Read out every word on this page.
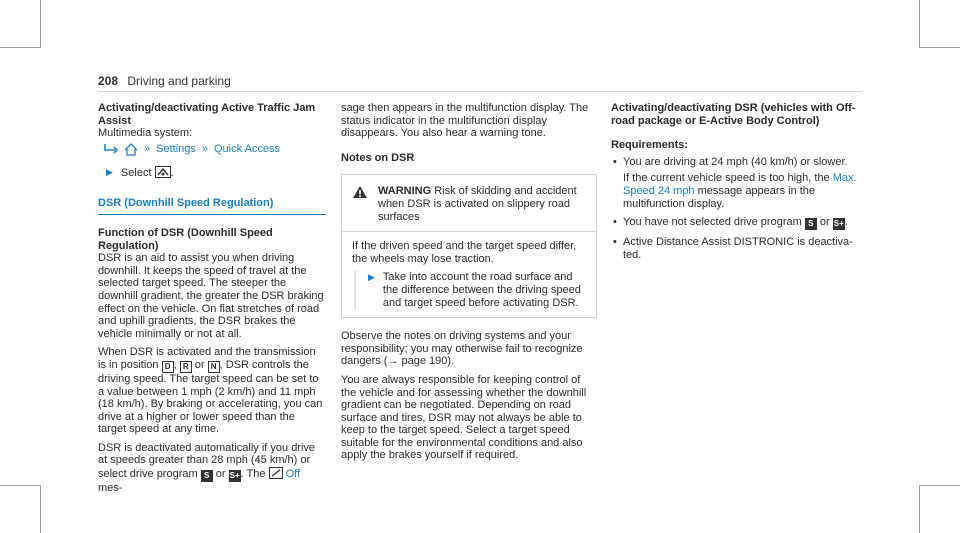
208 Driving and parking
Activating/deactivating Active Traffic Jam Assist
Multimedia system:
» Settings » Quick Access
▶ Select .
DSR (Downhill Speed Regulation)
Function of DSR (Downhill Speed Regulation)

DSR is an aid to assist you when driving downhill. It keeps the speed of travel at the selected target speed. The steeper the downhill gradient, the greater the DSR braking effect on the vehicle. On flat stretches of road and uphill gradients, the DSR brakes the vehicle minimally or not at all.

When DSR is activated and the transmission is in position D , R or N , DSR controls the driving speed. The target speed can be set to a value between 1 mph (2 km/h) and 11 mph (18 km/h). By braking or accelerating, you can drive at a higher or lower speed than the target speed at any time.

DSR is deactivated automatically if you drive at speeds greater than 28 mph (45 km/h) or select drive program S or S+. The Off mes-

sage then appears in the multifunction display. The status indicator in the multifunction display disappears. You also hear a warning tone.

Notes on DSR
WARNING Risk of skidding and accident when DSR is activated on slippery road surfaces

If the driven speed and the target speed differ, the wheels may lose traction.

▶ Take into account the road surface and the difference between the driving speed and target speed before activating DSR.

Observe the notes on driving systems and your responsibility; you may otherwise fail to recognize dangers (→ page 190).

You are always responsible for keeping control of the vehicle and for assessing whether the downhill gradient can be negotiated. Depending on road surface and tires, DSR may not always be able to keep to the target speed. Select a target speed suitable for the environmental conditions and also apply the brakes yourself if required.

Activating/deactivating DSR (vehicles with Off-road package or E-Active Body Control)
Requirements:
• You are driving at 24 mph (40 km/h) or slower.
If the current vehicle speed is too high, the Max. Speed 24 mph message appears in the multifunction display.
• You have not selected drive program S or S+.
• Active Distance Assist DISTRONIC is deactiva-ted.
